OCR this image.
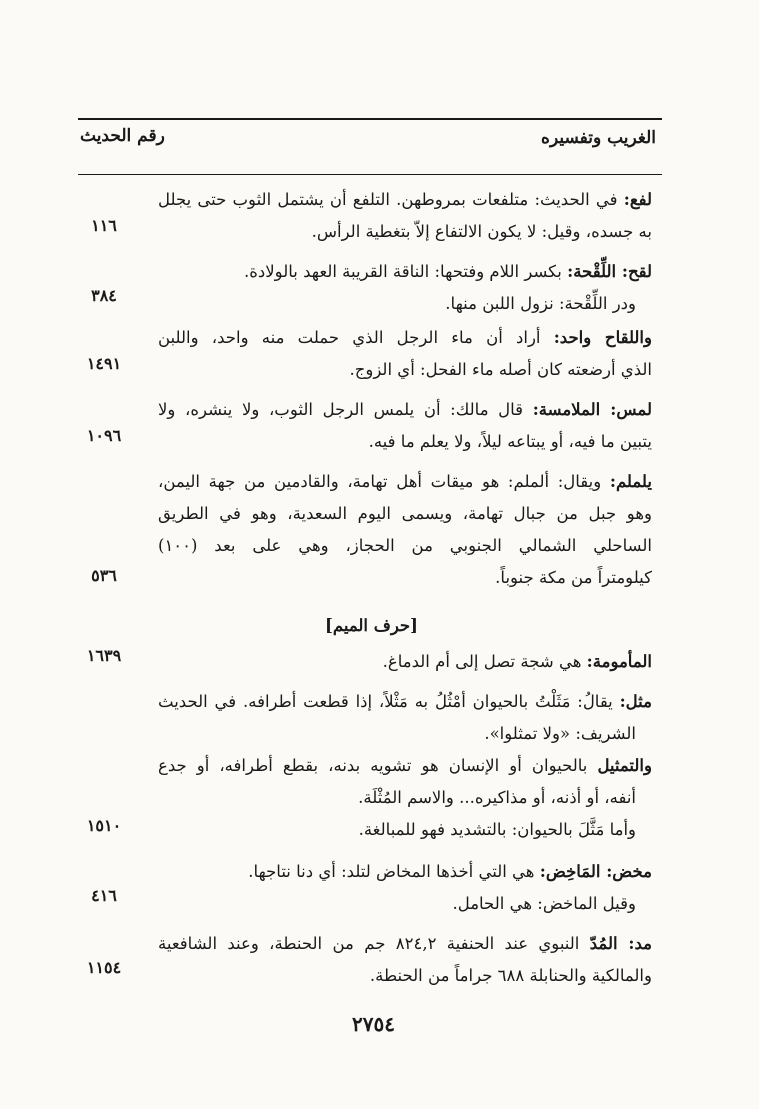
الغريب وتفسيره
رقم الحديث
لفع: في الحديث: متلفعات بمروطهن. التلفع أن يشتمل الثوب حتى يجلل
به جسده، وقيل: لا يكون الالتفاع إلاّ بتغطية الرأس.
١١٦
لقح: اللِّقْحة: بكسر اللام وفتحها: الناقة القريبة العهد بالولادة.
ودر اللِّقْحة: نزول اللبن منها.
٣٨٤
واللقاح واحد: أراد أن ماء الرجل الذي حملت منه واحد، واللبن
الذي أرضعته كان أصله ماء الفحل: أي الزوج.
١٤٩١
لمس: الملامسة: قال مالك: أن يلمس الرجل الثوب، ولا ينشره، ولا
يتبين ما فيه، أو يبتاعه ليلاً، ولا يعلم ما فيه.
١٠٩٦
يلملم: ويقال: ألملم: هو ميقات أهل تهامة، والقادمين من جهة اليمن،
وهو جبل من جبال تهامة، ويسمى اليوم السعدية، وهو في الطريق
الساحلي الشمالي الجنوبي من الحجاز، وهي على بعد (١٠٠)
كيلومتراً من مكة جنوباً.
٥٣٦
[حرف الميم]
المأمومة: هي شجة تصل إلى أم الدماغ.
١٦٣٩
مثل: يقالُ: مَثَلْتُ بالحيوان أمْثُلُ به مَثْلاً، إذا قطعت أطرافه. في الحديث
الشريف: «ولا تمثلوا».
والتمثيل بالحيوان أو الإنسان هو تشويه بدنه، بقطع أطرافه، أو جدع
أنفه، أو أذنه، أو مذاكيره... والاسم المُثْلَة.
وأما مَثَّلَ بالحيوان: بالتشديد فهو للمبالغة.
١٥١٠
مخض: المَاخِض: هي التي أخذها المخاض لتلد: أي دنا نتاجها.
وقيل الماخض: هي الحامل.
٤١٦
مد: المُدّ النبوي عند الحنفية ٨٢٤,٢ جم من الحنطة، وعند الشافعية
والمالكية والحنابلة ٦٨٨ جراماً من الحنطة.
١١٥٤
٢٧٥٤
